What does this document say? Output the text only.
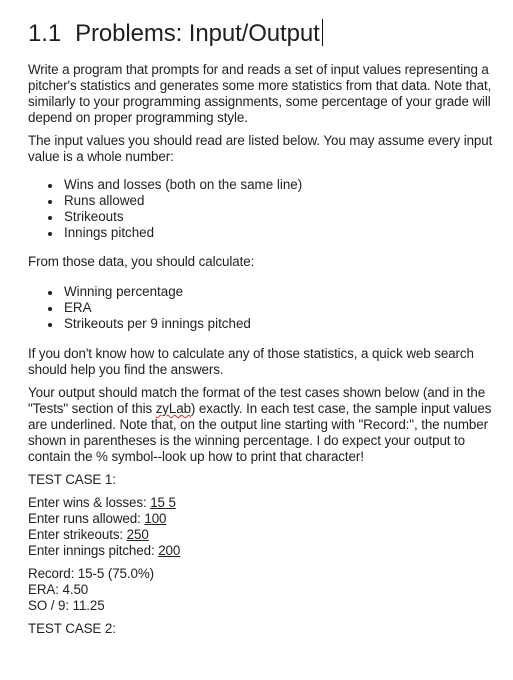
1.1 Problems: Input/Output

Write a program that prompts for and reads a set of input values representing a pitcher's statistics and generates some more statistics from that data. Note that, similarly to your programming assignments, some percentage of your grade will depend on proper programming style.

The input values you should read are listed below. You may assume every input value is a whole number:

Wins and losses (both on the same line)
Runs allowed
Strikeouts
Innings pitched

From those data, you should calculate:

Winning percentage
ERA
Strikeouts per 9 innings pitched

If you don't know how to calculate any of those statistics, a quick web search should help you find the answers.

Your output should match the format of the test cases shown below (and in the "Tests" section of this zyLab) exactly. In each test case, the sample input values are underlined. Note that, on the output line starting with "Record:", the number shown in parentheses is the winning percentage. I do expect your output to contain the % symbol--look up how to print that character!

TEST CASE 1:

Enter wins & losses: 15 5

Enter runs allowed: 100

Enter strikeouts: 250

Enter innings pitched: 200

Record: 15-5 (75.0%)

ERA: 4.50

SO / 9: 11.25

TEST CASE 2:
